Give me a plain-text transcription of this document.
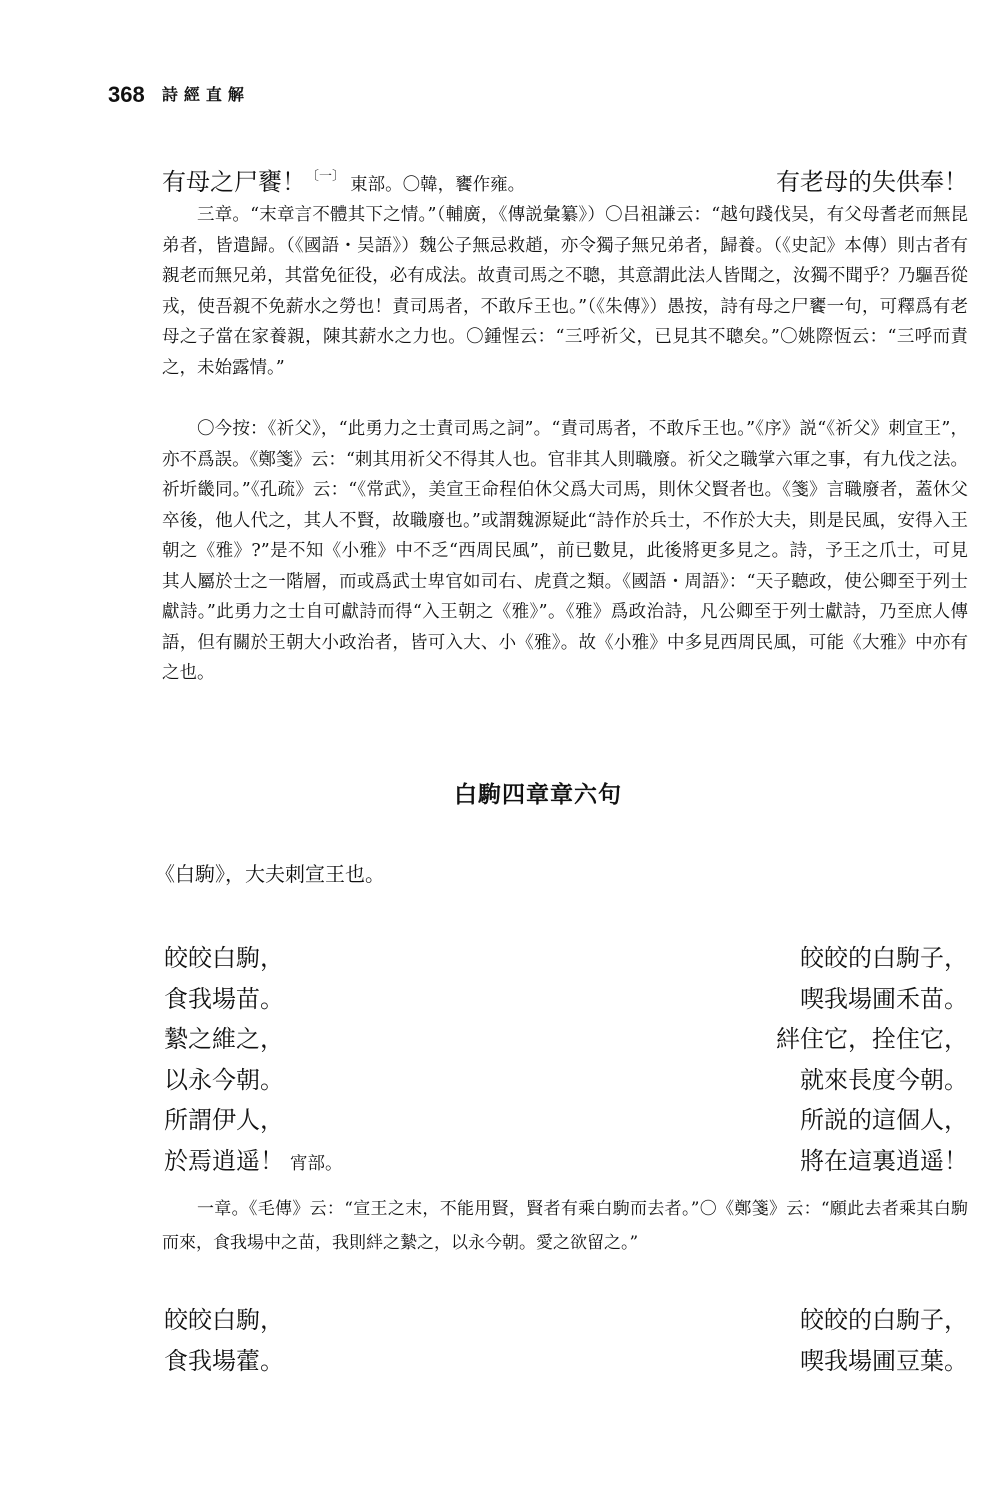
368 詩經直解
有母之尸饔！$^{〔一〕}$ 東部。〇韓，饔作雍。	有老母的失供奉！

三章。“末章言不體其下之情。”（輔廣，《傳説彙纂》）〇吕祖謙云：“越句踐伐吴，有父母耆老而無昆弟者，皆遣歸。（《國語・吴語》）魏公子無忌救趙，亦令獨子無兄弟者，歸養。（《史記》本傳）則古者有親老而無兄弟，其當免征役，必有成法。故責司馬之不聰，其意謂此法人皆聞之，汝獨不聞乎？乃驅吾從戎，使吾親不免薪水之勞也！責司馬者，不敢斥王也。”（《朱傳》）愚按，詩有母之尸饔一句，可釋爲有老母之子當在家養親，陳其薪水之力也。〇鍾惺云：“三呼祈父，已見其不聰矣。”〇姚際恆云：“三呼而責之，未始露情。”

〇今按：《祈父》，“此勇力之士責司馬之詞”。“責司馬者，不敢斥王也。”《序》説“《祈父》刺宣王”，亦不爲誤。《鄭箋》云：“刺其用祈父不得其人也。官非其人則職廢。祈父之職掌六軍之事，有九伐之法。祈圻畿同。”《孔疏》云：“《常武》，美宣王命程伯休父爲大司馬，則休父賢者也。《箋》言職廢者，蓋休父卒後，他人代之，其人不賢，故職廢也。”或謂魏源疑此“詩作於兵士，不作於大夫，則是民風，安得入王朝之《雅》?”是不知《小雅》中不乏“西周民風”，前已數見，此後將更多見之。詩，予王之爪士，可見其人屬於士之一階層，而或爲武士卑官如司右、虎賁之類。《國語・周語》：“天子聽政，使公卿至于列士獻詩。”此勇力之士自可獻詩而得“入王朝之《雅》”。《雅》爲政治詩，凡公卿至于列士獻詩，乃至庶人傳語，但有關於王朝大小政治者，皆可入大、小《雅》。故《小雅》中多見西周民風，可能《大雅》中亦有之也。

白駒四章章六句
《白駒》，大夫刺宣王也。
皎皎白駒，	皎皎的白駒子，
食我場苗。	喫我場圃禾苗。
縶之維之，	絆住它，拴住它，
以永今朝。	就來長度今朝。
所謂伊人，	所説的這個人，
於焉逍遥！ 宵部。	將在這裏逍遥！

一章。《毛傳》云：“宣王之末，不能用賢，賢者有乘白駒而去者。”〇《鄭箋》云：“願此去者乘其白駒而來，食我場中之苗，我則絆之縶之，以永今朝。愛之欲留之。”

皎皎白駒，	皎皎的白駒子，
食我場藿。	喫我場圃豆葉。
